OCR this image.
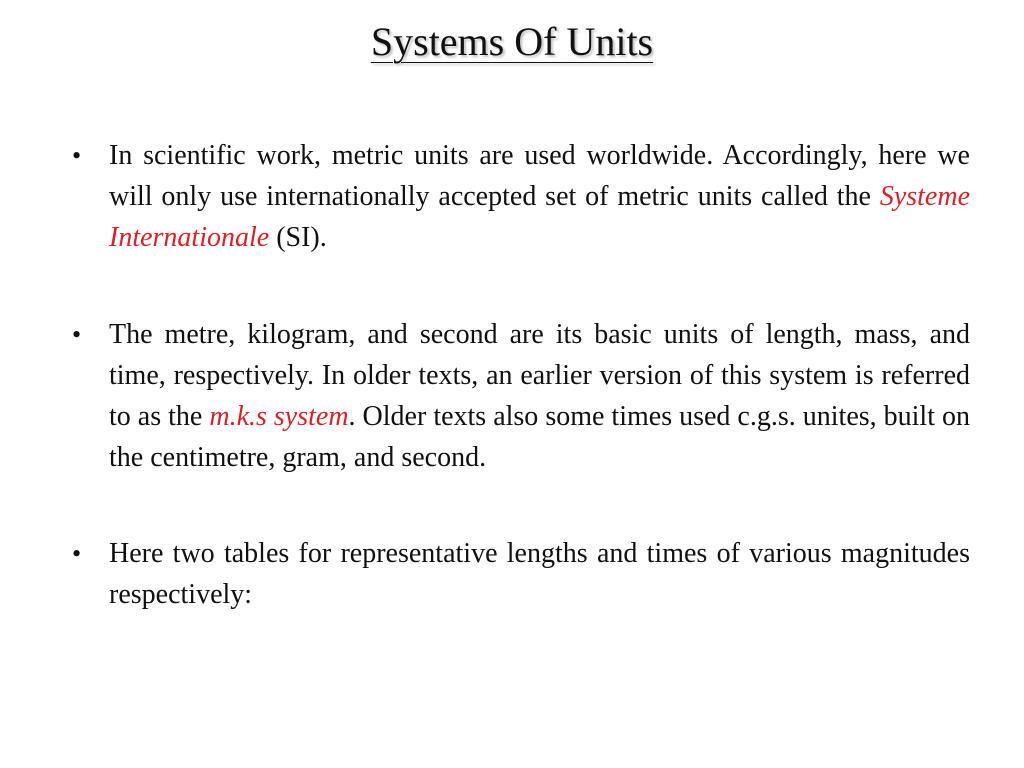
Systems Of Units
• In scientific work, metric units are used worldwide. Accordingly, here we will only use internationally accepted set of metric units called the Systeme Internationale (SI).
• The metre, kilogram, and second are its basic units of length, mass, and time, respectively. In older texts, an earlier version of this system is referred to as the m.k.s system. Older texts also some times used c.g.s. unites, built on the centimetre, gram, and second.
• Here two tables for representative lengths and times of various magnitudes respectively:
